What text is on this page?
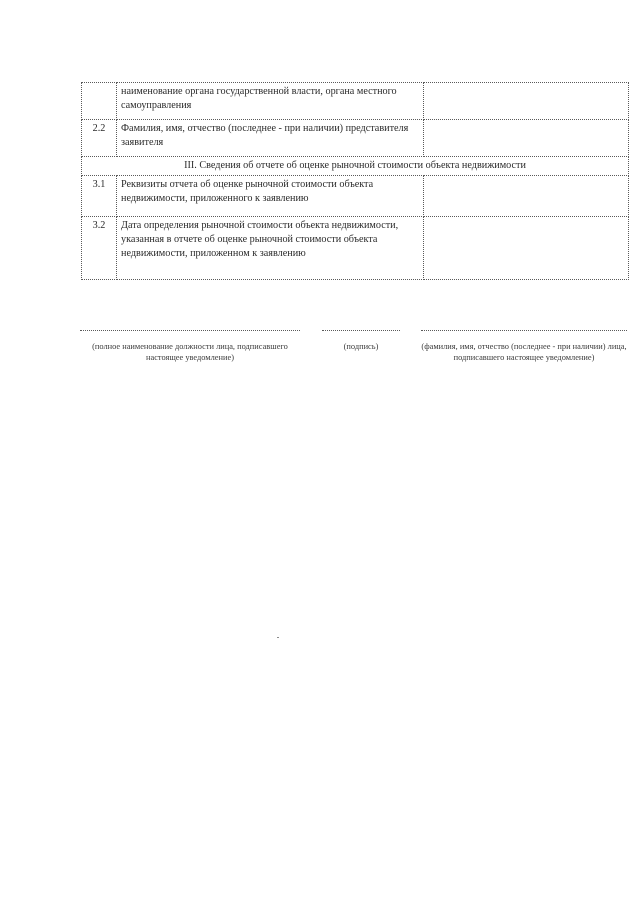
	наименование органа государственной власти, органа местного самоуправления	
2.2	Фамилия, имя, отчество (последнее - при наличии) представителя заявителя	
III. Сведения об отчете об оценке рыночной стоимости объекта недвижимости		
3.1	Реквизиты отчета об оценке рыночной стоимости объекта недвижимости, приложенного к заявлению	
3.2	Дата определения рыночной стоимости объекта недвижимости, указанная в отчете об оценке рыночной стоимости объекта недвижимости, приложенном к заявлению	
(полное наименование должности лица, подписавшего настоящее уведомление)
(подпись)	(фамилия, имя, отчество (последнее - при наличии) лица, подписавшего настоящее уведомление)
